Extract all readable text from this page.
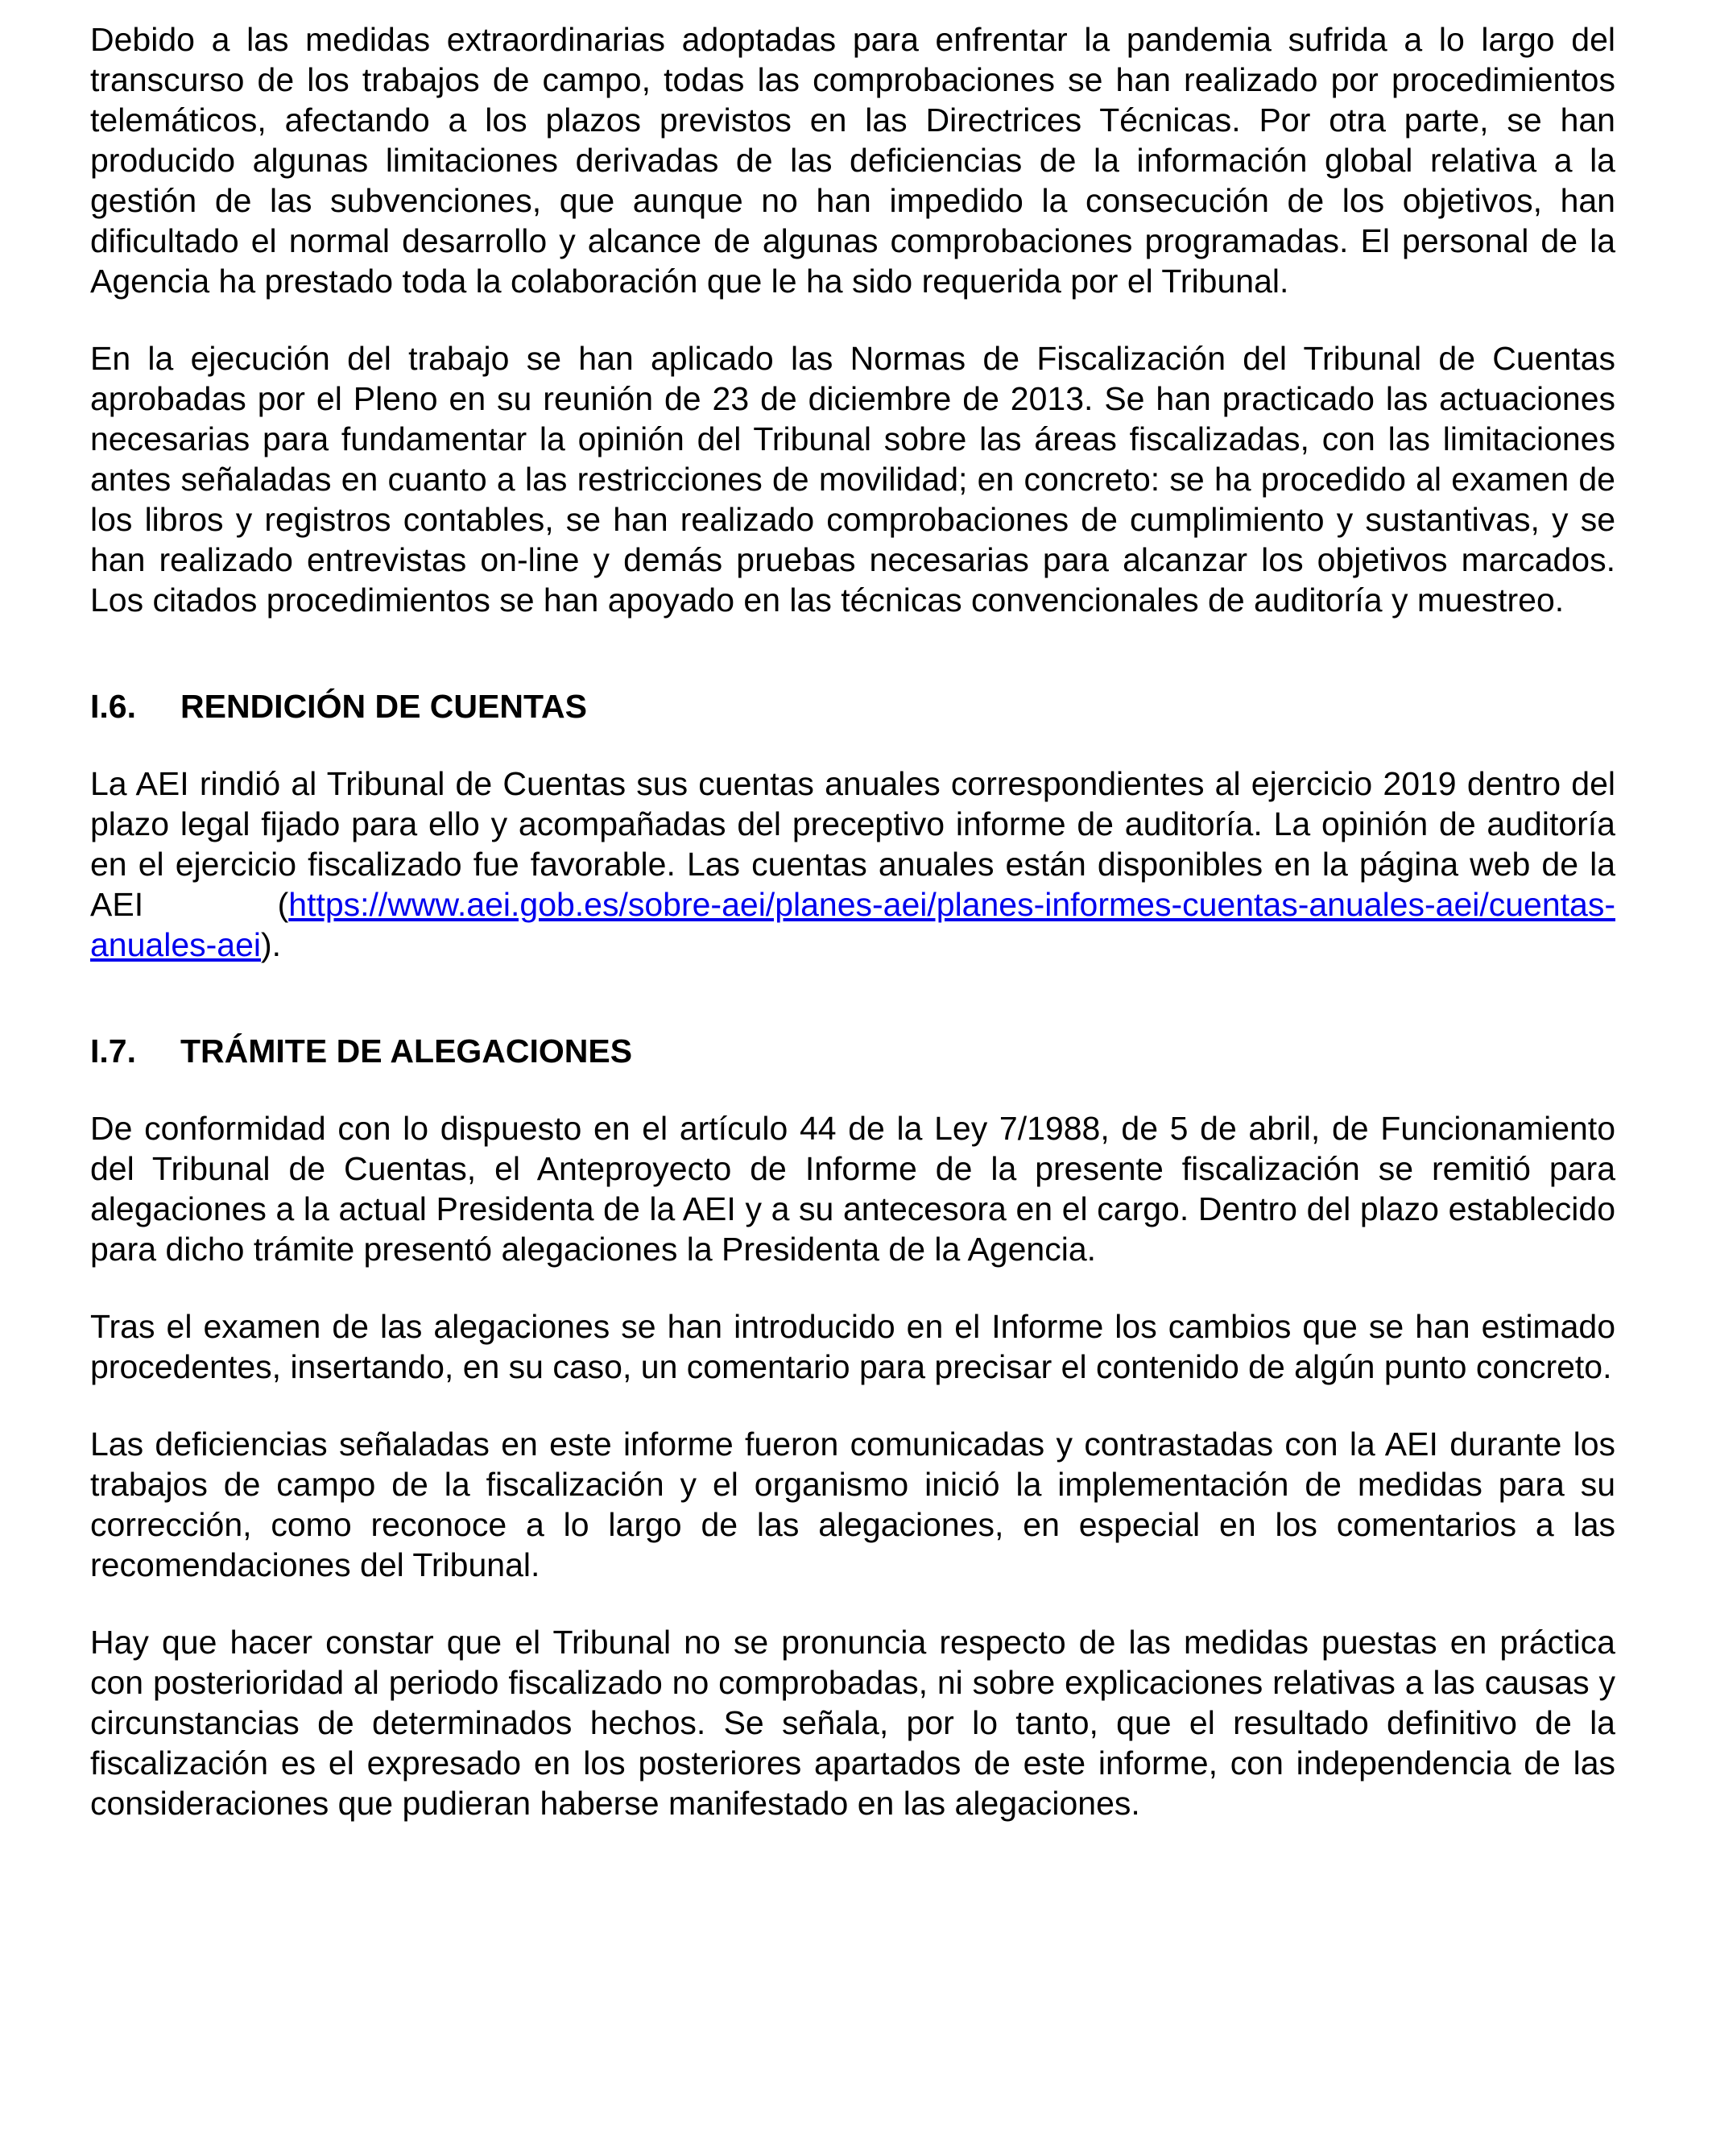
Debido a las medidas extraordinarias adoptadas para enfrentar la pandemia sufrida a lo largo del transcurso de los trabajos de campo, todas las comprobaciones se han realizado por procedimientos telemáticos, afectando a los plazos previstos en las Directrices Técnicas. Por otra parte, se han producido algunas limitaciones derivadas de las deficiencias de la información global relativa a la gestión de las subvenciones, que aunque no han impedido la consecución de los objetivos, han dificultado el normal desarrollo y alcance de algunas comprobaciones programadas. El personal de la Agencia ha prestado toda la colaboración que le ha sido requerida por el Tribunal.

En la ejecución del trabajo se han aplicado las Normas de Fiscalización del Tribunal de Cuentas aprobadas por el Pleno en su reunión de 23 de diciembre de 2013. Se han practicado las actuaciones necesarias para fundamentar la opinión del Tribunal sobre las áreas fiscalizadas, con las limitaciones antes señaladas en cuanto a las restricciones de movilidad; en concreto: se ha procedido al examen de los libros y registros contables, se han realizado comprobaciones de cumplimiento y sustantivas, y se han realizado entrevistas on-line y demás pruebas necesarias para alcanzar los objetivos marcados. Los citados procedimientos se han apoyado en las técnicas convencionales de auditoría y muestreo.

I.6.	RENDICIÓN DE CUENTAS

La AEI rindió al Tribunal de Cuentas sus cuentas anuales correspondientes al ejercicio 2019 dentro del plazo legal fijado para ello y acompañadas del preceptivo informe de auditoría. La opinión de auditoría en el ejercicio fiscalizado fue favorable. Las cuentas anuales están disponibles en la página web de la AEI (https://www.aei.gob.es/sobre-aei/planes-aei/planes-informes-cuentas-anuales-aei/cuentas-anuales-aei).

I.7.	TRÁMITE DE ALEGACIONES

De conformidad con lo dispuesto en el artículo 44 de la Ley 7/1988, de 5 de abril, de Funcionamiento del Tribunal de Cuentas, el Anteproyecto de Informe de la presente fiscalización se remitió para alegaciones a la actual Presidenta de la AEI y a su antecesora en el cargo. Dentro del plazo establecido para dicho trámite presentó alegaciones la Presidenta de la Agencia.

Tras el examen de las alegaciones se han introducido en el Informe los cambios que se han estimado procedentes, insertando, en su caso, un comentario para precisar el contenido de algún punto concreto.

Las deficiencias señaladas en este informe fueron comunicadas y contrastadas con la AEI durante los trabajos de campo de la fiscalización y el organismo inició la implementación de medidas para su corrección, como reconoce a lo largo de las alegaciones, en especial en los comentarios a las recomendaciones del Tribunal.

Hay que hacer constar que el Tribunal no se pronuncia respecto de las medidas puestas en práctica con posterioridad al periodo fiscalizado no comprobadas, ni sobre explicaciones relativas a las causas y circunstancias de determinados hechos. Se señala, por lo tanto, que el resultado definitivo de la fiscalización es el expresado en los posteriores apartados de este informe, con independencia de las consideraciones que pudieran haberse manifestado en las alegaciones.
